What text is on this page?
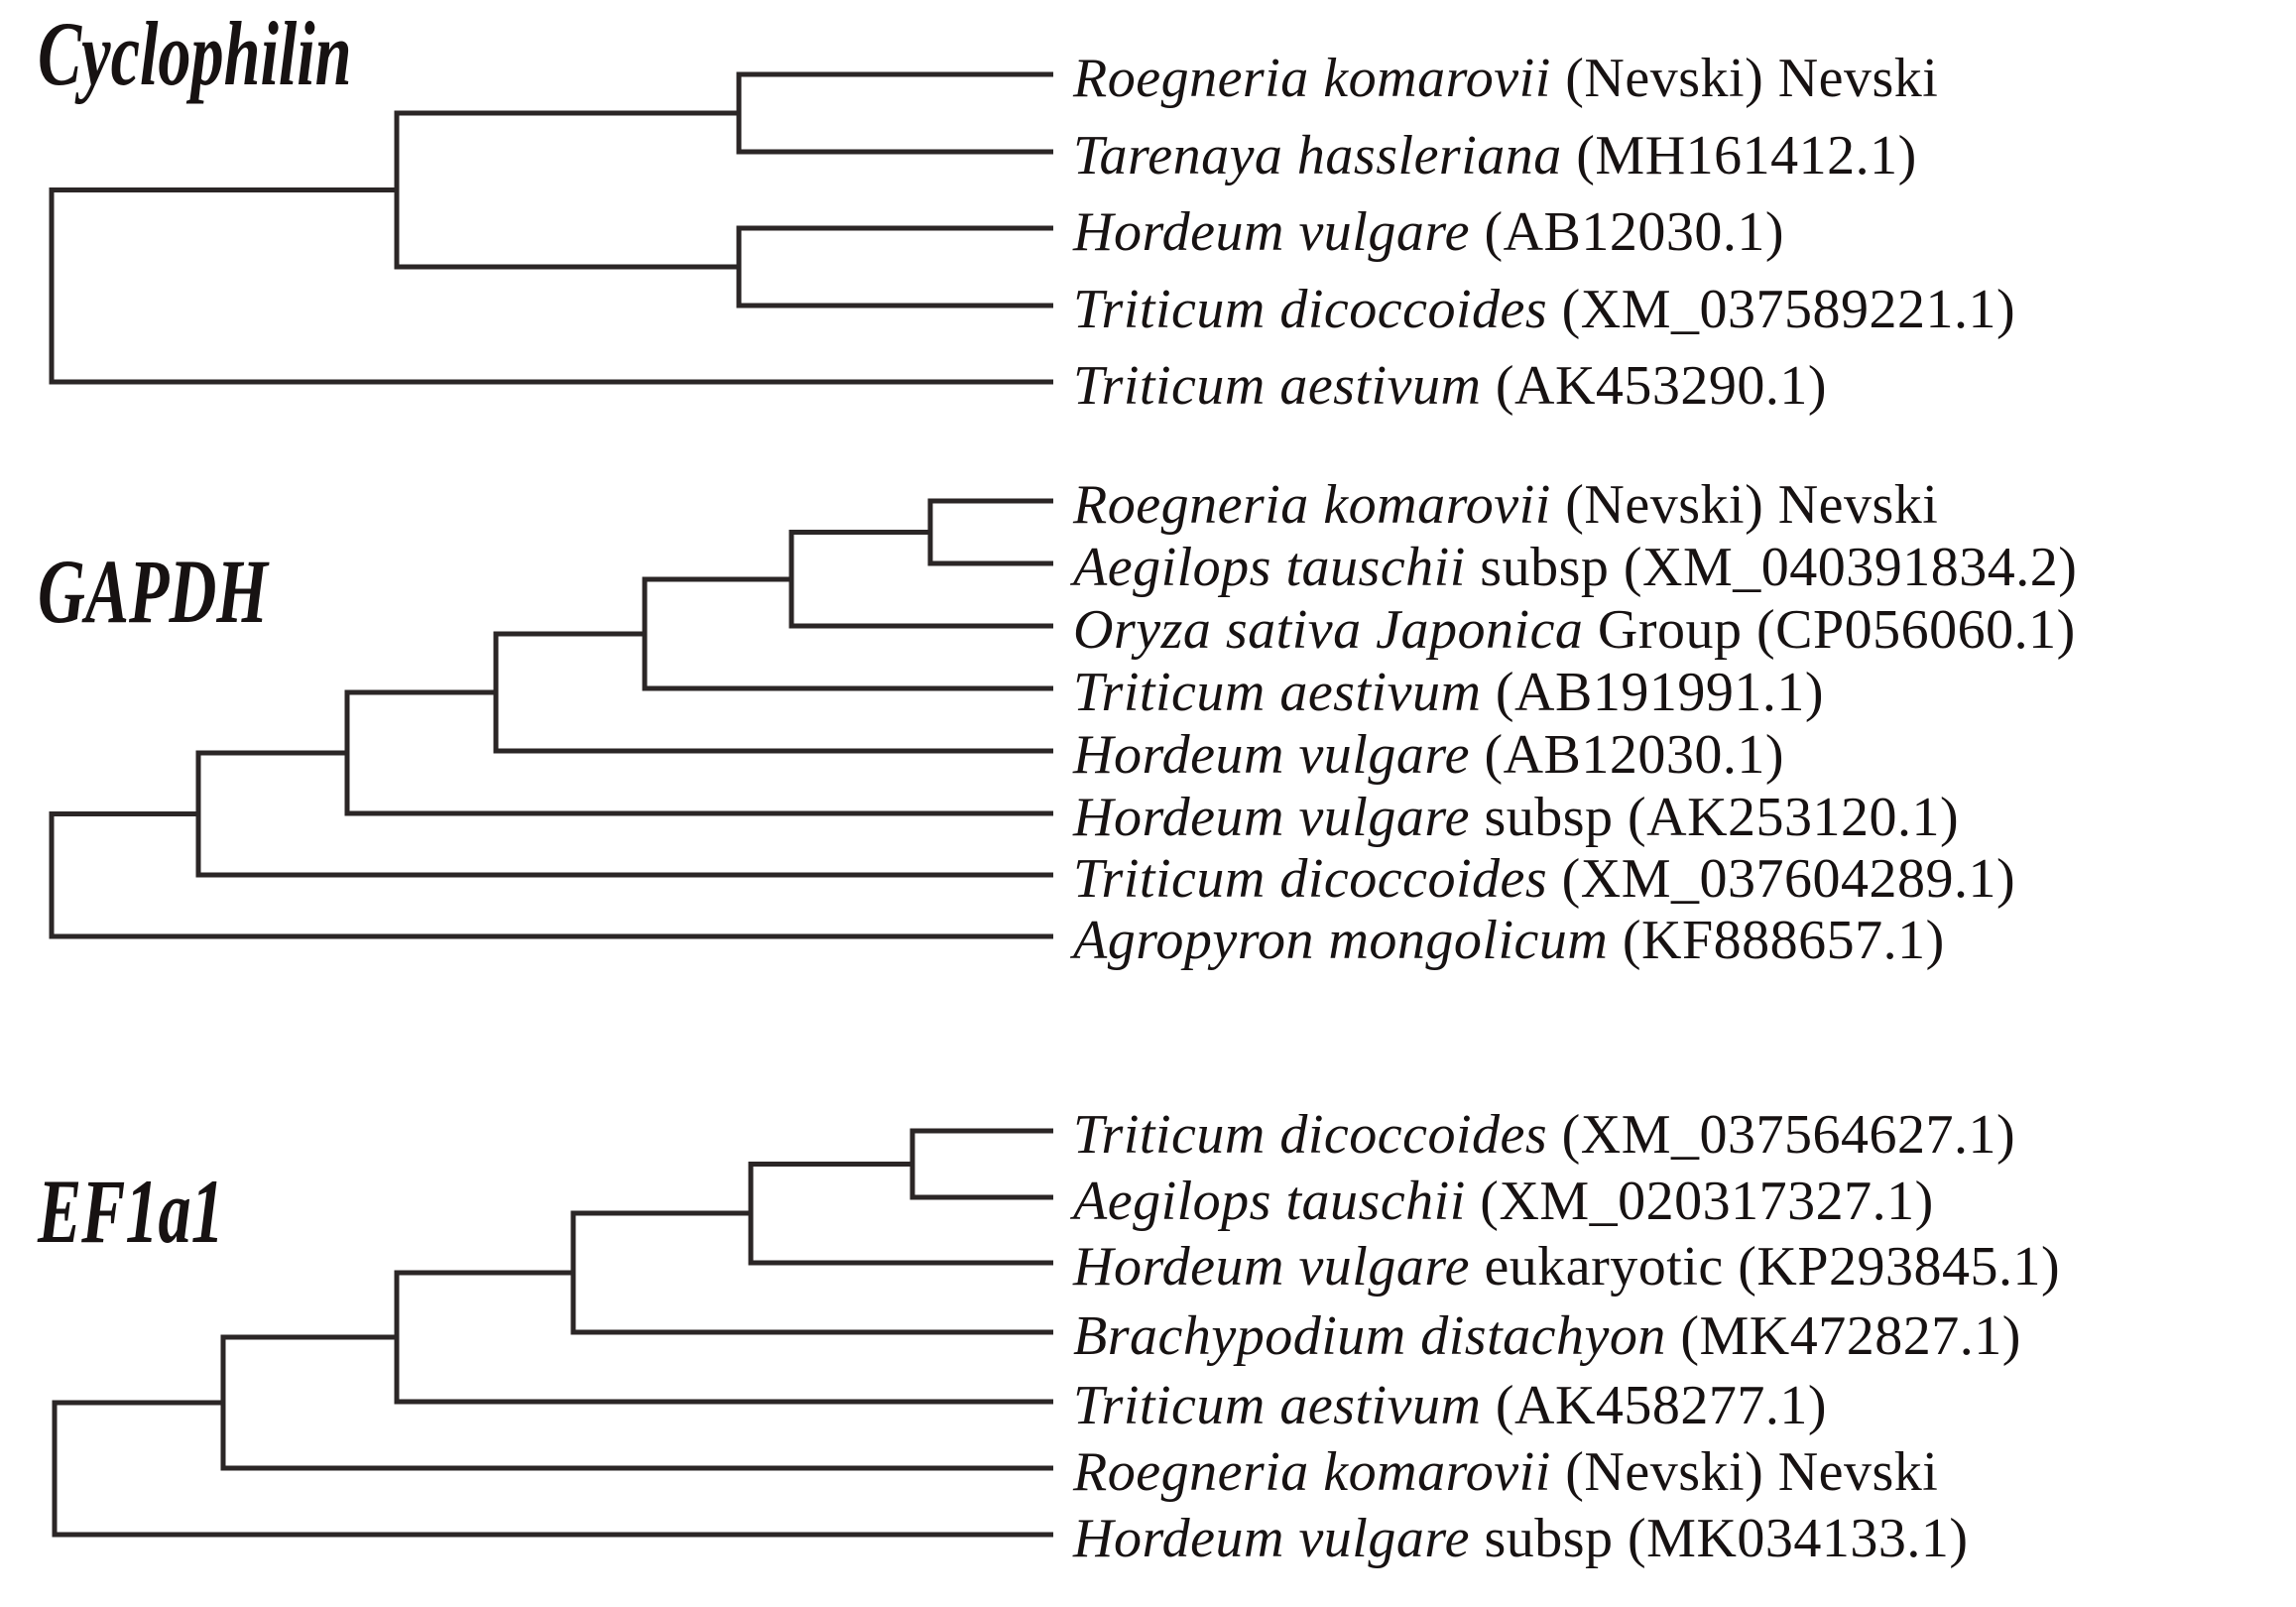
Cyclophilin
GAPDH
EF1a1
Roegneria komarovii (Nevski) Nevski
Tarenaya hassleriana (MH161412.1)
Hordeum vulgare (AB12030.1)
Triticum dicoccoides (XM_037589221.1)
Triticum aestivum (AK453290.1)
Roegneria komarovii (Nevski) Nevski
Aegilops tauschii subsp (XM_040391834.2)
Oryza sativa Japonica Group (CP056060.1)
Triticum aestivum (AB191991.1)
Hordeum vulgare (AB12030.1)
Hordeum vulgare subsp (AK253120.1)
Triticum dicoccoides (XM_037604289.1)
Agropyron mongolicum (KF888657.1)
Triticum dicoccoides (XM_037564627.1)
Aegilops tauschii (XM_020317327.1)
Hordeum vulgare eukaryotic (KP293845.1)
Brachypodium distachyon (MK472827.1)
Triticum aestivum (AK458277.1)
Roegneria komarovii (Nevski) Nevski
Hordeum vulgare subsp (MK034133.1)
